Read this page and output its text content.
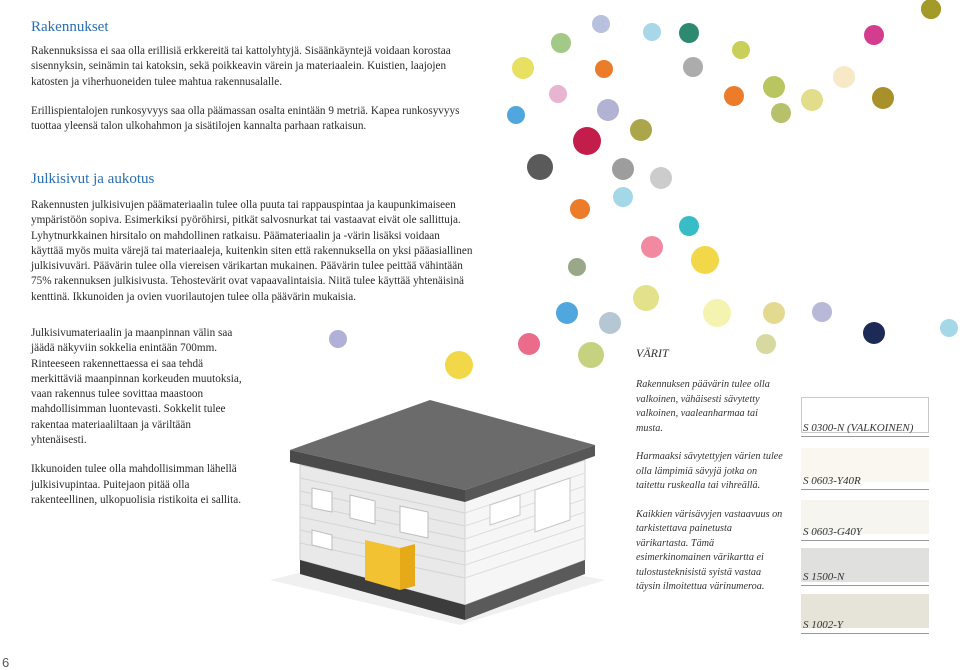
Rakennukset

Rakennuksissa ei saa olla erillisiä erkkereitä tai kattolyhtyjä. Sisäänkäyntejä voidaan korostaa sisennyksin, seinämin tai katoksin, sekä poikkeavin värein ja materiaalein. Kuistien, laajojen katosten ja viherhuoneiden tulee mahtua rakennusalalle.

Erillispientalojen runkosyvyys saa olla päämassan osalta enintään 9 metriä. Kapea runkosyvyys tuottaa yleensä talon ulkohahmon ja sisätilojen kannalta parhaan ratkaisun.

Julkisivut ja aukotus

Rakennusten julkisivujen päämateriaalin tulee olla puuta tai rappauspintaa ja kaupunkimaiseen ympäristöön sopiva. Esimerkiksi pyöröhirsi, pitkät salvosnurkat tai vastaavat eivät ole sallittuja. Lyhytnurkkainen hirsitalo on mahdollinen ratkaisu. Päämateriaalin ja -värin lisäksi voidaan käyttää myös muita värejä tai materiaaleja, kuitenkin siten että rakennuksella on yksi pääasiallinen julkisivuväri. Päävärin tulee olla viereisen värikartan mukainen. Päävärin tulee peittää vähintään 75% rakennuksen julkisivusta. Tehostevärit ovat vapaavalintaisia. Niitä tulee käyttää yhtenäisinä kenttinä. Ikkunoiden ja ovien vuorilautojen tulee olla päävärin mukaisia.

Julkisivumateriaalin ja maanpinnan välin saa jäädä näkyviin sokkelia enintään 700mm. Rinteeseen rakennettaessa ei saa tehdä merkittäviä maanpinnan korkeuden muutoksia, vaan rakennus tulee sovittaa maastoon mahdollisimman luontevasti. Sokkelit tulee rakentaa materiaaliltaan ja väriltään yhtenäisesti.

Ikkunoiden tulee olla mahdollisimman lähellä julkisivupintaa. Puitejaon pitää olla rakenteellinen, ulkopuolisia ristikoita ei sallita.

VÄRIT

Rakennuksen päävärin tulee olla valkoinen, vähäisesti sävytetty valkoinen, vaaleanharmaa tai musta.

Harmaaksi sävytettyjen värien tulee olla lämpimiä sävyjä jotka on taitettu ruskealla tai vihreällä.

Kaikkien värisävyjen vastaavuus on tarkistettava painetusta värikartasta. Tämä esimerkinomainen värikartta ei tulostusteknisistä syistä vastaa täysin ilmoitettua värinumeroa.

S 0300-N (VALKOINEN)
S 0603-Y40R
S 0603-G40Y
S 1500-N
S 1002-Y
6
